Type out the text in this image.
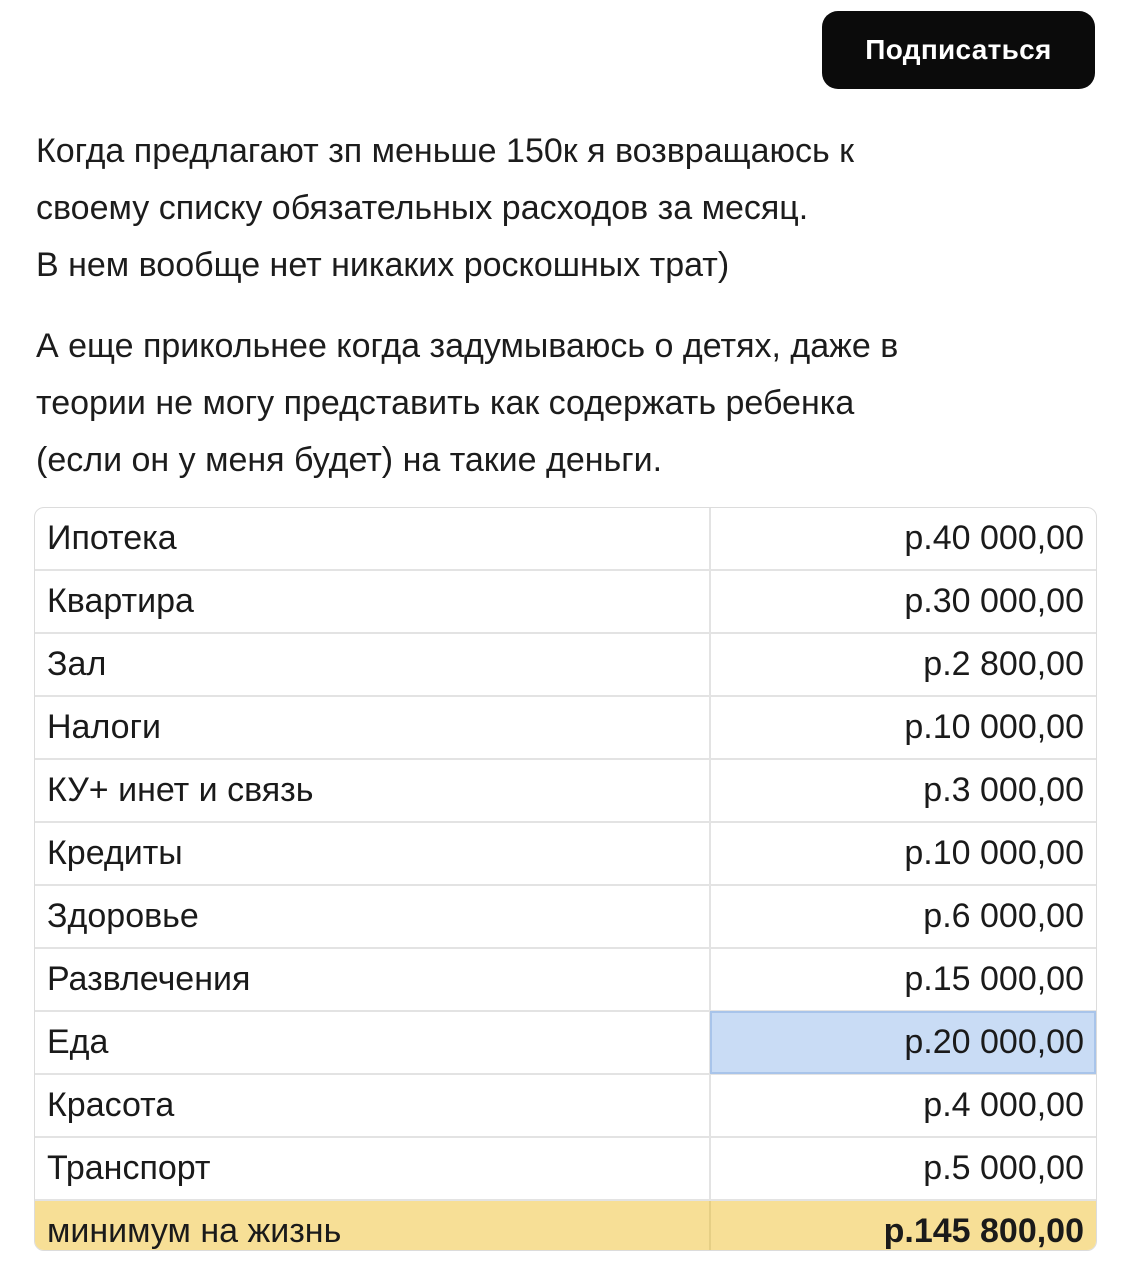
Подписаться
Когда предлагают зп меньше 150к я возвращаюсь к
своему списку обязательных расходов за месяц.
В нем вообще нет никаких роскошных трат)
А еще прикольнее когда задумываюсь о детях, даже в
теории не могу представить как содержать ребенка
(если он у меня будет) на такие деньги.
Ипотека	р.40 000,00
Квартира	р.30 000,00
Зал	р.2 800,00
Налоги	р.10 000,00
КУ+ инет и связь	р.3 000,00
Кредиты	р.10 000,00
Здоровье	р.6 000,00
Развлечения	р.15 000,00
Еда	р.20 000,00
Красота	р.4 000,00
Транспорт	р.5 000,00
минимум на жизнь	р.145 800,00
